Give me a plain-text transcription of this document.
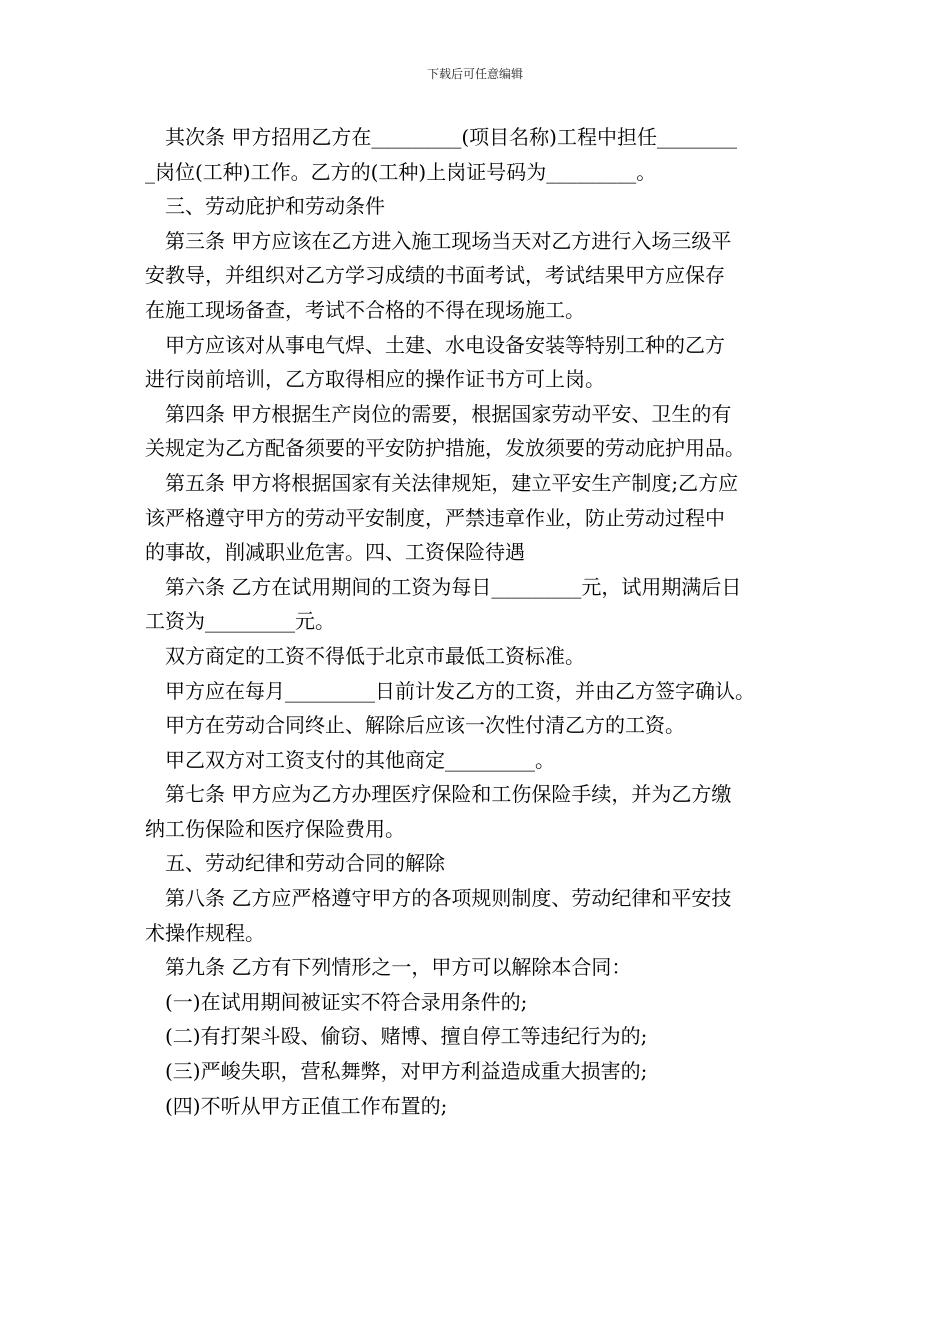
下载后可任意编辑

其次条 甲方招用乙方在_________(项目名称)工程中担任________

_岗位(工种)工作。乙方的(工种)上岗证号码为_________。

三、劳动庇护和劳动条件

第三条 甲方应该在乙方进入施工现场当天对乙方进行入场三级平

安教导，并组织对乙方学习成绩的书面考试，考试结果甲方应保存

在施工现场备查，考试不合格的不得在现场施工。

甲方应该对从事电气焊、土建、水电设备安装等特别工种的乙方

进行岗前培训，乙方取得相应的操作证书方可上岗。

第四条 甲方根据生产岗位的需要，根据国家劳动平安、卫生的有

关规定为乙方配备须要的平安防护措施，发放须要的劳动庇护用品。

第五条 甲方将根据国家有关法律规矩，建立平安生产制度;乙方应

该严格遵守甲方的劳动平安制度，严禁违章作业，防止劳动过程中

的事故，削减职业危害。四、工资保险待遇

第六条 乙方在试用期间的工资为每日_________元，试用期满后日

工资为_________元。

双方商定的工资不得低于北京市最低工资标准。

甲方应在每月_________日前计发乙方的工资，并由乙方签字确认。

甲方在劳动合同终止、解除后应该一次性付清乙方的工资。

甲乙双方对工资支付的其他商定_________。

第七条 甲方应为乙方办理医疗保险和工伤保险手续，并为乙方缴

纳工伤保险和医疗保险费用。

五、劳动纪律和劳动合同的解除

第八条 乙方应严格遵守甲方的各项规则制度、劳动纪律和平安技

术操作规程。

第九条 乙方有下列情形之一，甲方可以解除本合同：

(一)在试用期间被证实不符合录用条件的;

(二)有打架斗殴、偷窃、赌博、擅自停工等违纪行为的;

(三)严峻失职，营私舞弊，对甲方利益造成重大损害的;

(四)不听从甲方正值工作布置的;
